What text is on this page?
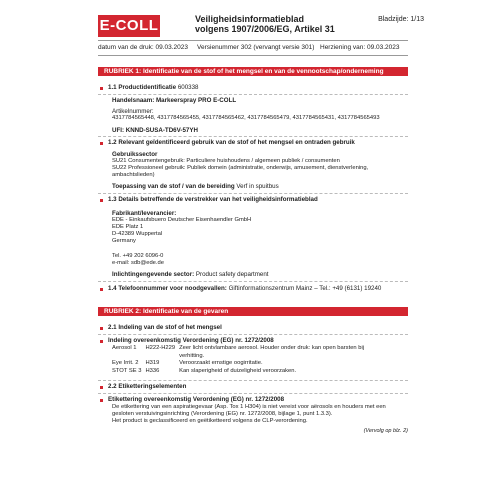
E-COLL	Veiligheidsinformatieblad
volgens 1907/2006/EG, Artikel 31
Bladzijde: 1/13
datum van de druk: 09.03.2023 Versienummer 302 (vervangt versie 301) Herziening van: 09.03.2023
RUBRIEK 1: Identificatie van de stof of het mengsel en van de vennootschap/onderneming
1.1 Productidentificatie 600338
Handelsnaam: Markeerspray PRO E-COLL
Artikelnummer:
4317784565448, 4317784565455, 4317784565462, 4317784565479, 4317784565431, 4317784565493
UFI: KNND-SUSA-TD6V-57YH
1.2 Relevant geïdentificeerd gebruik van de stof of het mengsel en ontraden gebruik
Gebruikssector
SU21 Consumentengebruik: Particuliere huishoudens / algemeen publiek / consumenten
SU22 Professioneel gebruik: Publiek domein (administratie, onderwijs, amusement, dienstverlening,
ambachtslieden)
Toepassing van de stof / van de bereiding Verf in spuitbus
1.3 Details betreffende de verstrekker van het veiligheidsinformatieblad
Fabrikant/leverancier:
EDE - Einkaufsbuero Deutscher Eisenhaendler GmbH
EDE Platz 1
D-42389 Wuppertal
Germany
Tel. +49 202 6096-0
e-mail: sdb@ede.de
Inlichtingengevende sector: Product safety department
1.4 Telefoonnummer voor noodgevallen: Giftinformationszentrum Mainz – Tel.: +49 (6131) 19240
RUBRIEK 2: Identificatie van de gevaren
2.1 Indeling van de stof of het mengsel
Indeling overeenkomstig Verordening (EG) nr. 1272/2008
Aerosol 1	H222-H229	Zeer licht ontvlambare aerosol. Houder onder druk: kan open barsten bij
		verhitting.
Eye Irrit. 2	H319	Veroorzaakt ernstige oogirritatie.
STOT SE 3	H336	Kan slaperigheid of duizeligheid veroorzaken.
2.2 Etiketteringselementen
Etikettering overeenkomstig Verordening (EG) nr. 1272/2008
De etikettering van een aspiratiegevaar (Asp. Tox 1 H304) is niet vereist voor aërosols en houders met een
gesloten verstuivingsinrichting (Verordening (EG) nr. 1272/2008, bijlage 1, punt 1.3.3).
Het product is geclassificeerd en geëtiketteerd volgens de CLP-verordening.
(Vervolg op blz. 2)
